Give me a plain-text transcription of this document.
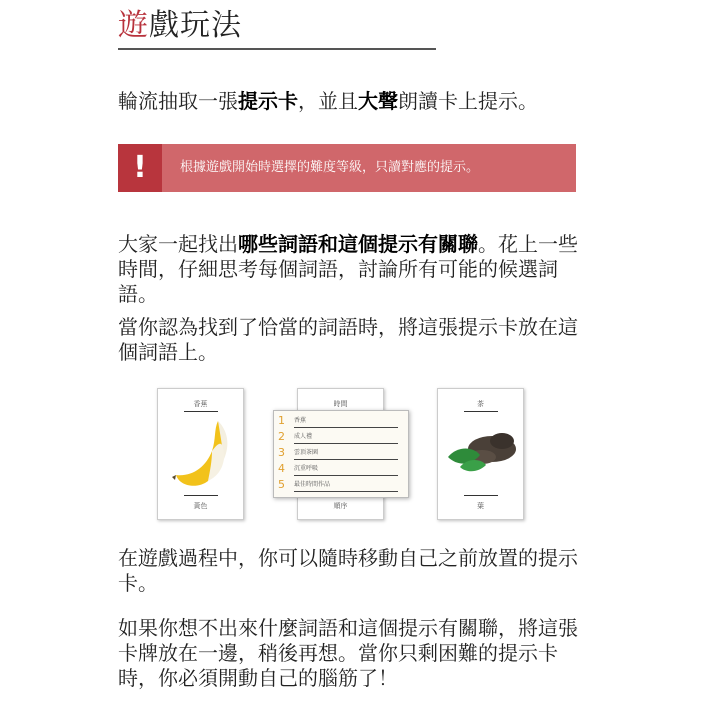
遊戲玩法
輪流抽取一張提示卡，並且大聲朗讀卡上提示。
!	根據遊戲開始時選擇的難度等級，只讀對應的提示。
大家一起找出哪些詞語和這個提示有關聯。花上一些時間，仔細思考每個詞語，討論所有可能的候選詞語。
當你認為找到了恰當的詞語時，將這張提示卡放在這個詞語上。
香蕉
黃色
時間
順序
茶
葉
1 香蕉
2 成人禮
3 雲頂茶園
4 沉重呼吸
5 最佳時間作品
在遊戲過程中，你可以隨時移動自己之前放置的提示卡。
如果你想不出來什麼詞語和這個提示有關聯，將這張卡牌放在一邊，稍後再想。當你只剩困難的提示卡時，你必須開動自己的腦筋了！
